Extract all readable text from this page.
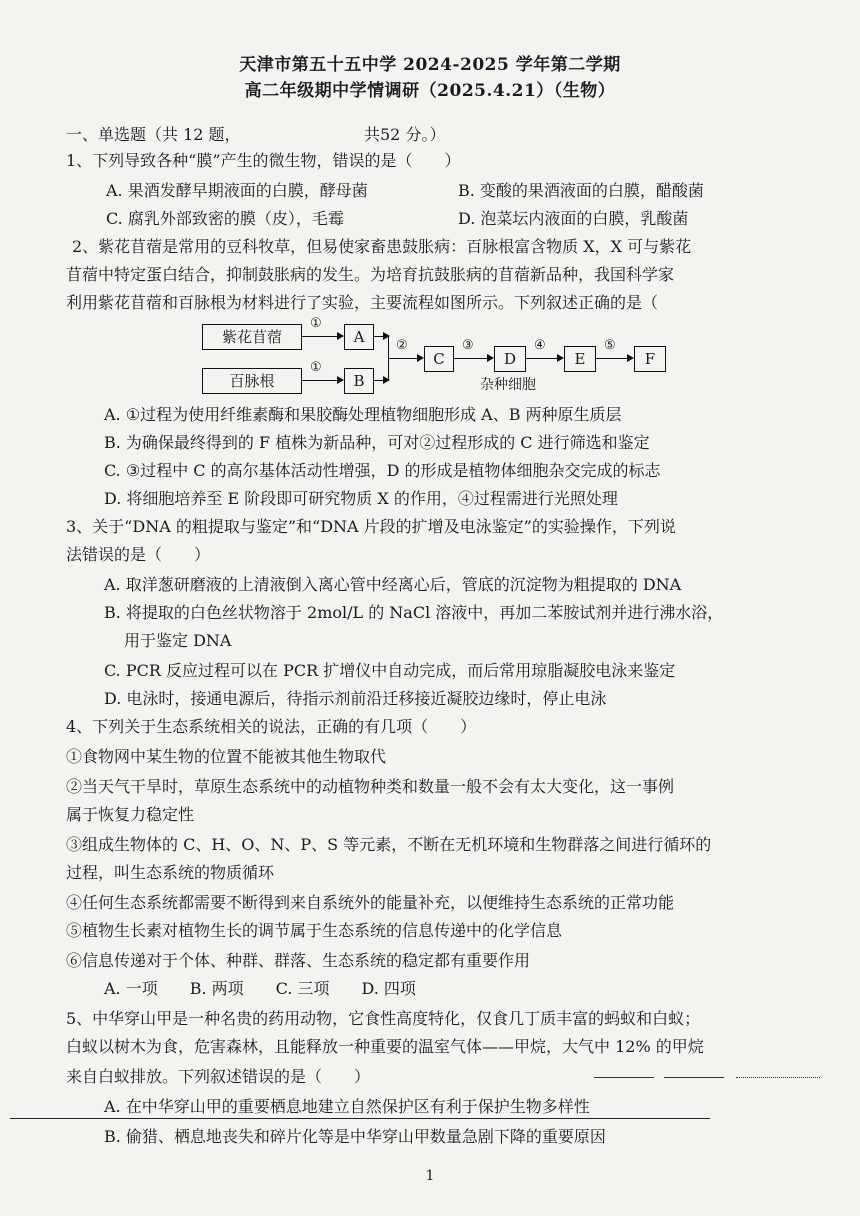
天津市第五十五中学 2024-2025 学年第二学期
高二年级期中学情调研（2025.4.21）（生物）
一、单选题（共 12 题，	共52 分。）
1、下列导致各种“膜”产生的微生物，错误的是（　　）
A. 果酒发酵早期液面的白膜，酵母菌	B. 变酸的果酒液面的白膜，醋酸菌
C. 腐乳外部致密的膜（皮），毛霉	D. 泡菜坛内液面的白膜，乳酸菌
2、紫花苜蓿是常用的豆科牧草，但易使家畜患鼓胀病：百脉根富含物质 X，X 可与紫花
苜蓿中特定蛋白结合，抑制鼓胀病的发生。为培育抗鼓胀病的苜蓿新品种，我国科学家
利用紫花苜蓿和百脉根为材料进行了实验，主要流程如图所示。下列叙述正确的是（
紫花苜蓿
百脉根
①
①
A
B
②
C
③
D
④
E
⑤
F
杂种细胞
A. ①过程为使用纤维素酶和果胶酶处理植物细胞形成 A、B 两种原生质层
B. 为确保最终得到的 F 植株为新品种，可对②过程形成的 C 进行筛选和鉴定
C. ③过程中 C 的高尔基体活动性增强，D 的形成是植物体细胞杂交完成的标志
D. 将细胞培养至 E 阶段即可研究物质 X 的作用，④过程需进行光照处理
3、关于“DNA 的粗提取与鉴定”和“DNA 片段的扩增及电泳鉴定”的实验操作，下列说
法错误的是（　　）
A. 取洋葱研磨液的上清液倒入离心管中经离心后，管底的沉淀物为粗提取的 DNA
B. 将提取的白色丝状物溶于 2mol/L 的 NaCl 溶液中，再加二苯胺试剂并进行沸水浴，
用于鉴定 DNA
C. PCR 反应过程可以在 PCR 扩增仪中自动完成，而后常用琼脂凝胶电泳来鉴定
D. 电泳时，接通电源后，待指示剂前沿迁移接近凝胶边缘时，停止电泳
4、下列关于生态系统相关的说法，正确的有几项（　　）
①食物网中某生物的位置不能被其他生物取代
②当天气干旱时，草原生态系统中的动植物种类和数量一般不会有太大变化，这一事例
属于恢复力稳定性
③组成生物体的 C、H、O、N、P、S 等元素，不断在无机环境和生物群落之间进行循环的
过程，叫生态系统的物质循环
④任何生态系统都需要不断得到来自系统外的能量补充，以便维持生态系统的正常功能
⑤植物生长素对植物生长的调节属于生态系统的信息传递中的化学信息
⑥信息传递对于个体、种群、群落、生态系统的稳定都有重要作用
A. 一项　　B. 两项　　C. 三项　　D. 四项
5、中华穿山甲是一种名贵的药用动物，它食性高度特化，仅食几丁质丰富的蚂蚁和白蚁；
白蚁以树木为食，危害森林，且能释放一种重要的温室气体——甲烷，大气中 12% 的甲烷
来自白蚁排放。下列叙述错误的是（　　）
A. 在中华穿山甲的重要栖息地建立自然保护区有利于保护生物多样性
B. 偷猎、栖息地丧失和碎片化等是中华穿山甲数量急剧下降的重要原因
1
